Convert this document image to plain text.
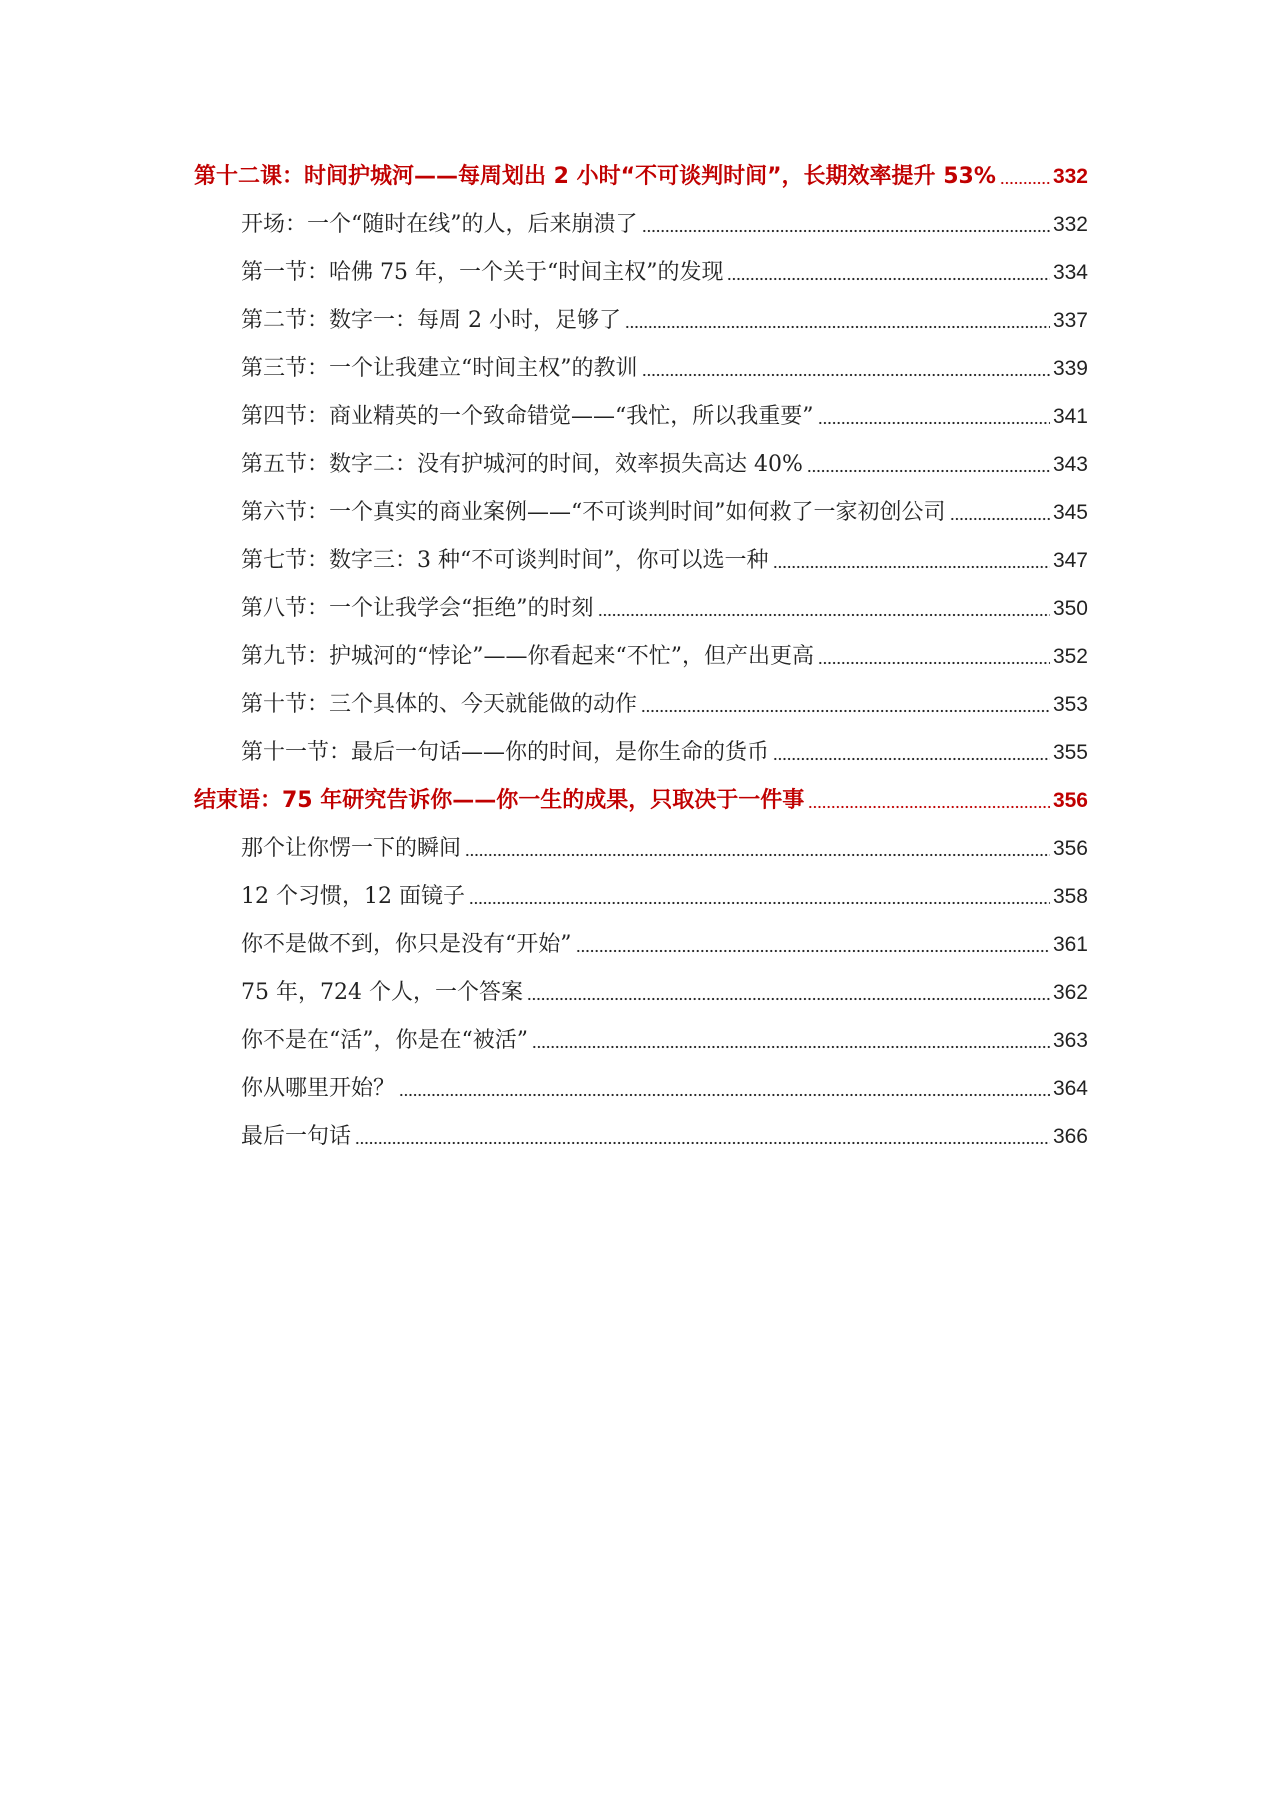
第十二课：时间护城河——每周划出 2 小时“不可谈判时间”，长期效率提升 53%	332
开场：一个“随时在线”的人，后来崩溃了	332
第一节：哈佛 75 年，一个关于“时间主权”的发现	334
第二节：数字一：每周 2 小时，足够了	337
第三节：一个让我建立“时间主权”的教训	339
第四节：商业精英的一个致命错觉——“我忙，所以我重要”	341
第五节：数字二：没有护城河的时间，效率损失高达 40%	343
第六节：一个真实的商业案例——“不可谈判时间”如何救了一家初创公司	345
第七节：数字三：3 种“不可谈判时间”，你可以选一种	347
第八节：一个让我学会“拒绝”的时刻	350
第九节：护城河的“悖论”——你看起来“不忙”，但产出更高	352
第十节：三个具体的、今天就能做的动作	353
第十一节：最后一句话——你的时间，是你生命的货币	355
结束语：75 年研究告诉你——你一生的成果，只取决于一件事	356
那个让你愣一下的瞬间	356
12 个习惯，12 面镜子	358
你不是做不到，你只是没有“开始”	361
75 年，724 个人，一个答案	362
你不是在“活”，你是在“被活”	363
你从哪里开始？	364
最后一句话	366
